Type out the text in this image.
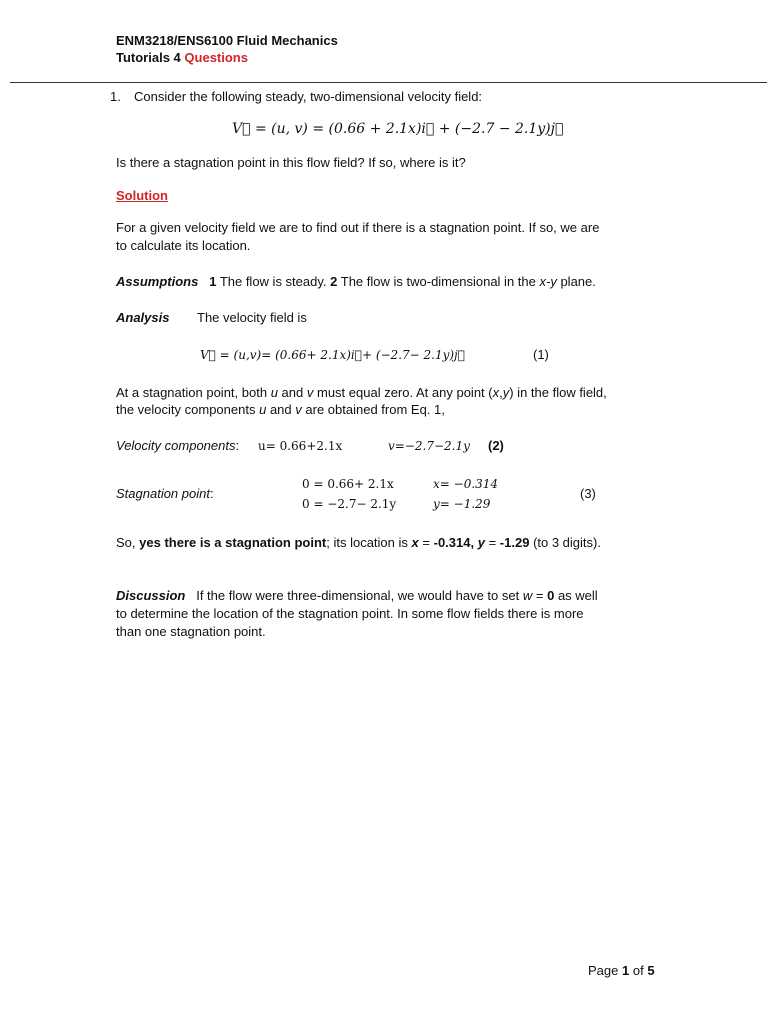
ENM3218/ENS6100 Fluid Mechanics
Tutorials 4 Questions
1. Consider the following steady, two-dimensional velocity field:
V⃗ = (u, v) = (0.66 + 2.1x)i⃗ + (−2.7 − 2.1y)j⃗
Is there a stagnation point in this flow field? If so, where is it?
Solution
For a given velocity field we are to find out if there is a stagnation point. If so, we are
to calculate its location.
Assumptions 1 The flow is steady. 2 The flow is two-dimensional in the x-y plane.
Analysis The velocity field is
V⃗ = (u,v)= (0.66+ 2.1x)i⃗+ (−2.7− 2.1y)j⃗	(1)
At a stagnation point, both u and v must equal zero. At any point (x,y) in the flow field,
the velocity components u and v are obtained from Eq. 1,
Velocity components: u= 0.66+2.1x	v=−2.7−2.1y (2)
Stagnation point:
0 = 0.66+ 2.1x
0 = −2.7− 2.1y
x= −0.314
y= −1.29
(3)
So, yes there is a stagnation point; its location is x = -0.314, y = -1.29 (to 3 digits).
Discussion If the flow were three-dimensional, we would have to set w = 0 as well
to determine the location of the stagnation point. In some flow fields there is more
than one stagnation point.
Page 1 of 5
